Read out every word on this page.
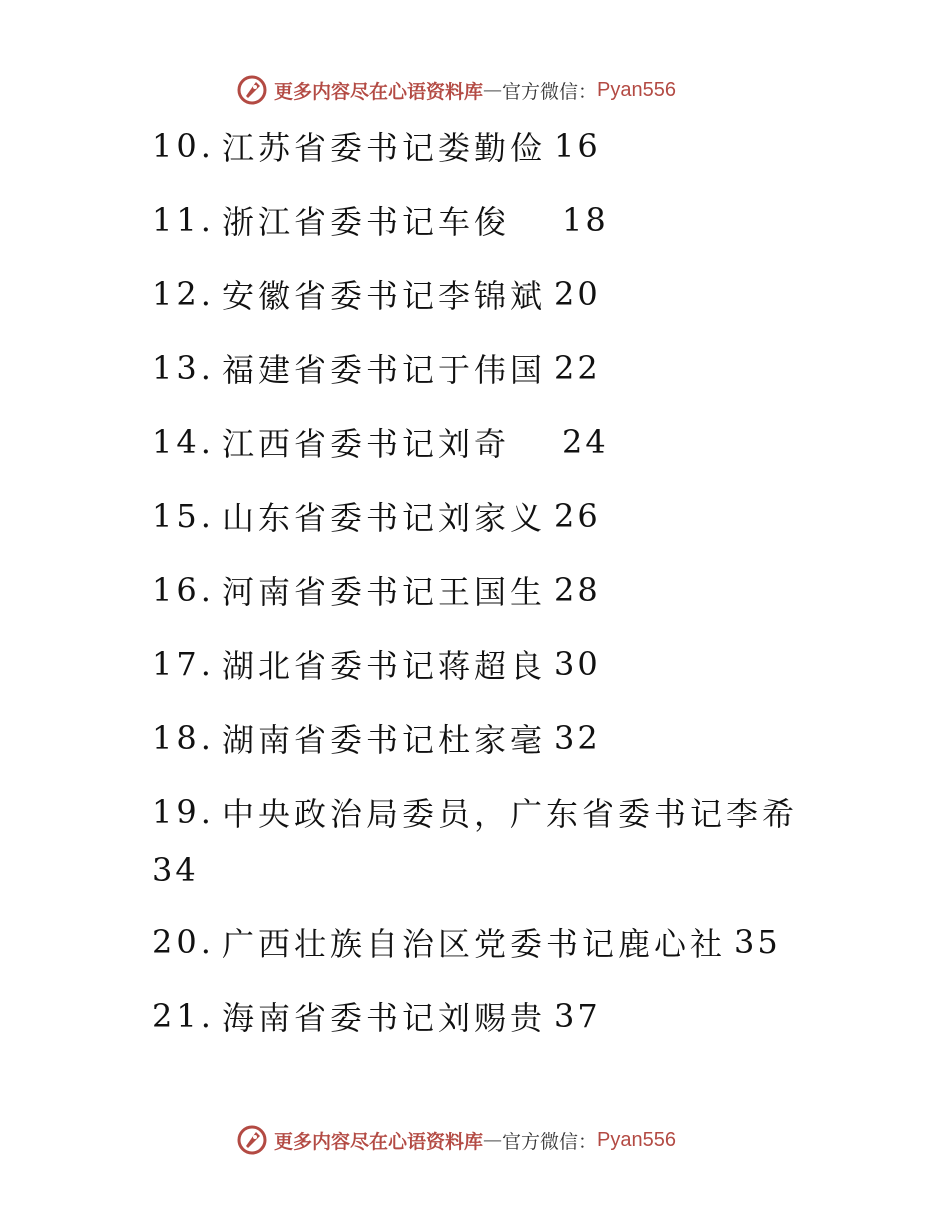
更多内容尽在心语资料库 — 官方微信： Pyan556
10. 江苏省委书记娄勤俭 16
11. 浙江省委书记车俊 18
12. 安徽省委书记李锦斌 20
13. 福建省委书记于伟国 22
14. 江西省委书记刘奇 24
15. 山东省委书记刘家义 26
16. 河南省委书记王国生 28
17. 湖北省委书记蒋超良 30
18. 湖南省委书记杜家毫 32
19. 中央政治局委员，广东省委书记李希
34
20. 广西壮族自治区党委书记鹿心社 35
21. 海南省委书记刘赐贵 37
更多内容尽在心语资料库 — 官方微信： Pyan556
